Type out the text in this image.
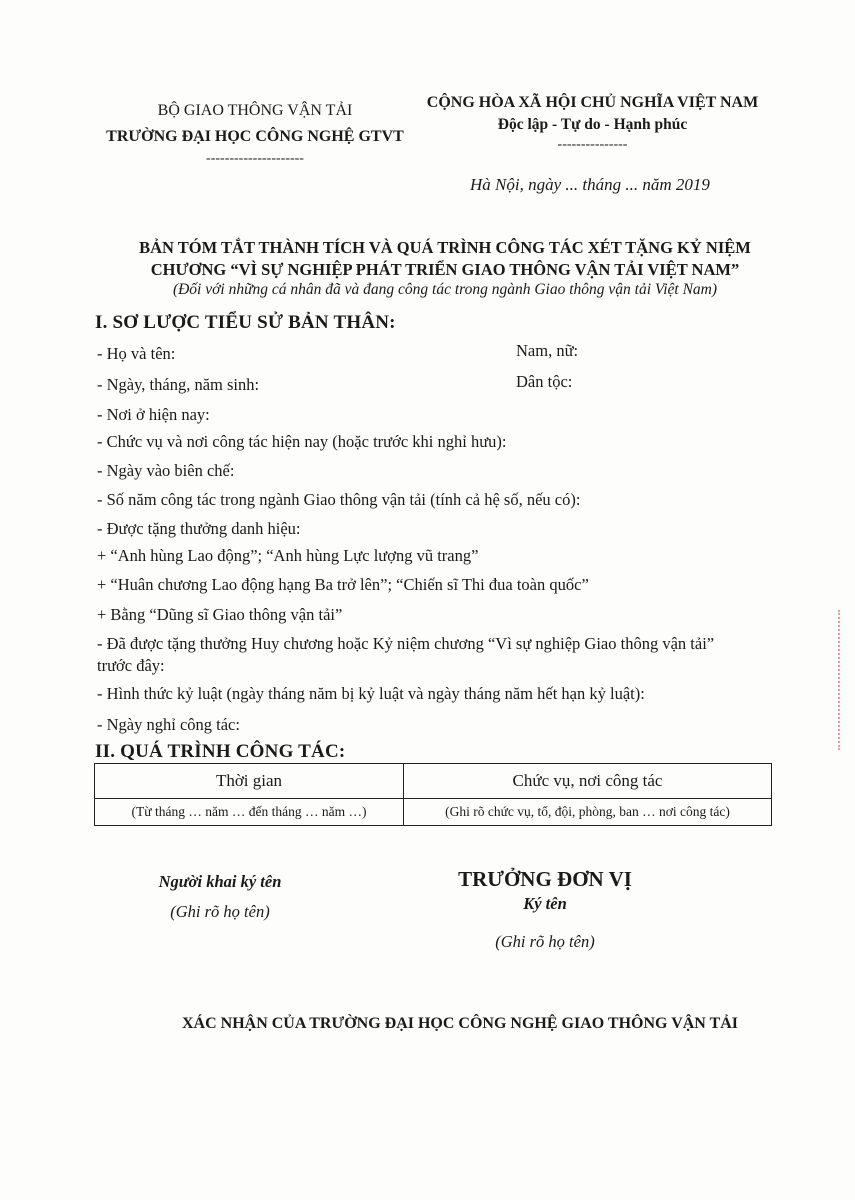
BỘ GIAO THÔNG VẬN TẢI
TRƯỜNG ĐẠI HỌC CÔNG NGHỆ GTVT
---------------------
CỘNG HÒA XÃ HỘI CHỦ NGHĨA VIỆT NAM
Độc lập - Tự do - Hạnh phúc
---------------
Hà Nội, ngày ... tháng ... năm 2019
BẢN TÓM TẮT THÀNH TÍCH VÀ QUÁ TRÌNH CÔNG TÁC XÉT TẶNG KỶ NIỆM
CHƯƠNG “VÌ SỰ NGHIỆP PHÁT TRIỂN GIAO THÔNG VẬN TẢI VIỆT NAM”
(Đối với những cá nhân đã và đang công tác trong ngành Giao thông vận tải Việt Nam)
I. SƠ LƯỢC TIỂU SỬ BẢN THÂN:
- Họ và tên:	Nam, nữ:
- Ngày, tháng, năm sinh:	Dân tộc:
- Nơi ở hiện nay:
- Chức vụ và nơi công tác hiện nay (hoặc trước khi nghỉ hưu):
- Ngày vào biên chế:
- Số năm công tác trong ngành Giao thông vận tải (tính cả hệ số, nếu có):
- Được tặng thưởng danh hiệu:
+ “Anh hùng Lao động”; “Anh hùng Lực lượng vũ trang”
+ “Huân chương Lao động hạng Ba trở lên”; “Chiến sĩ Thi đua toàn quốc”
+ Bằng “Dũng sĩ Giao thông vận tải”
- Đã được tặng thưởng Huy chương hoặc Kỷ niệm chương “Vì sự nghiệp Giao thông vận tải”
trước đây:
- Hình thức kỷ luật (ngày tháng năm bị kỷ luật và ngày tháng năm hết hạn kỷ luật):
- Ngày nghỉ công tác:
II. QUÁ TRÌNH CÔNG TÁC:
Thời gian	Chức vụ, nơi công tác
(Từ tháng … năm … đến tháng … năm …)	(Ghi rõ chức vụ, tổ, đội, phòng, ban … nơi công tác)
Người khai ký tên
(Ghi rõ họ tên)
TRƯỞNG ĐƠN VỊ
Ký tên
(Ghi rõ họ tên)
XÁC NHẬN CỦA TRƯỜNG ĐẠI HỌC CÔNG NGHỆ GIAO THÔNG VẬN TẢI
